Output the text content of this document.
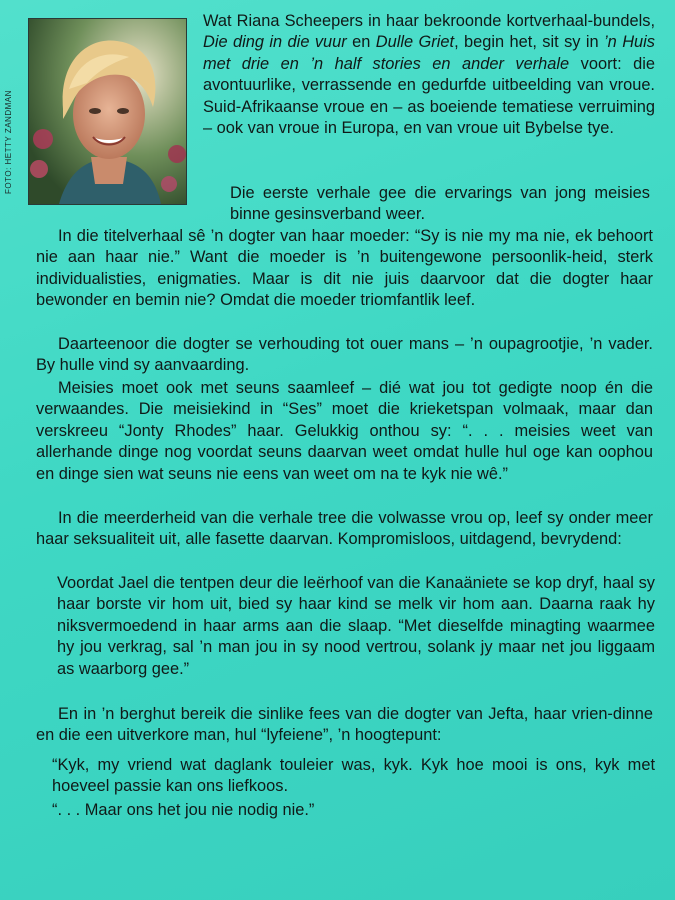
FOTO: HETTY ZANDMAN

Wat Riana Scheepers in haar bekroonde kortverhaal-bundels, Die ding in die vuur en Dulle Griet, begin het, sit sy in ’n Huis met drie en ’n half stories en ander verhale voort: die avontuurlike, verrassende en gedurfde uitbeelding van vroue. Suid-Afrikaanse vroue en – as boeiende tematiese verruiming – ook van vroue in Europa, en van vroue uit Bybelse tye.

Die eerste verhale gee die ervarings van jong meisies binne gesinsverband weer.

In die titelverhaal sê ’n dogter van haar moeder: “Sy is nie my ma nie, ek behoort nie aan haar nie.” Want die moeder is ’n buitengewone persoonlik-heid, sterk individualisties, enigmaties. Maar is dit nie juis daarvoor dat die dogter haar bewonder en bemin nie? Omdat die moeder triomfantlik leef.

Daarteenoor die dogter se verhouding tot ouer mans – ’n oupagrootjie, ’n vader. By hulle vind sy aanvaarding.

Meisies moet ook met seuns saamleef – dié wat jou tot gedigte noop én die verwaandes. Die meisiekind in “Ses” moet die krieketspan volmaak, maar dan verskreeu “Jonty Rhodes” haar. Gelukkig onthou sy: “. . . meisies weet van allerhande dinge nog voordat seuns daarvan weet omdat hulle hul oge kan oophou en dinge sien wat seuns nie eens van weet om na te kyk nie wê.”

In die meerderheid van die verhale tree die volwasse vrou op, leef sy onder meer haar seksualiteit uit, alle fasette daarvan. Kompromisloos, uitdagend, bevrydend:

Voordat Jael die tentpen deur die leërhoof van die Kanaäniete se kop dryf, haal sy haar borste vir hom uit, bied sy haar kind se melk vir hom aan. Daarna raak hy niksvermoedend in haar arms aan die slaap. “Met dieselfde minagting waarmee hy jou verkrag, sal ’n man jou in sy nood vertrou, solank jy maar net jou liggaam as waarborg gee.”

En in ’n berghut bereik die sinlike fees van die dogter van Jefta, haar vrien-dinne en die een uitverkore man, hul “lyfeiene”, ’n hoogtepunt:

“Kyk, my vriend wat daglank touleier was, kyk. Kyk hoe mooi is ons, kyk met hoeveel passie kan ons liefkoos.

“. . . Maar ons het jou nie nodig nie.”
